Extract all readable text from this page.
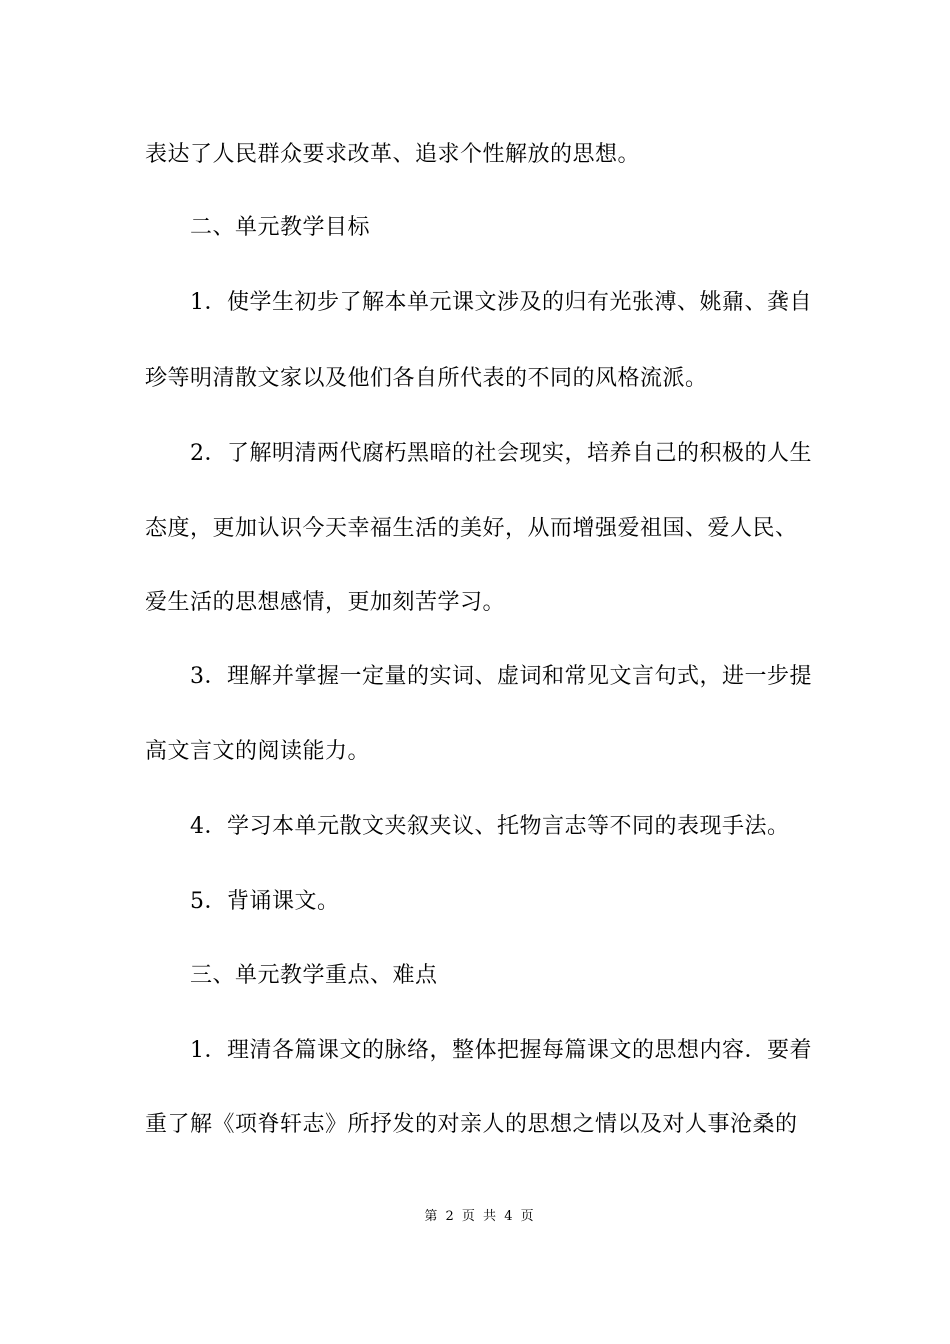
表达了人民群众要求改革、追求个性解放的思想。
二、单元教学目标
1．使学生初步了解本单元课文涉及的归有光张溥、姚鼐、龚自
珍等明清散文家以及他们各自所代表的不同的风格流派。
2．了解明清两代腐朽黑暗的社会现实，培养自己的积极的人生
态度，更加认识今天幸福生活的美好，从而增强爱祖国、爱人民、
爱生活的思想感情，更加刻苦学习。
3．理解并掌握一定量的实词、虚词和常见文言句式，进一步提
高文言文的阅读能力。
4．学习本单元散文夹叙夹议、托物言志等不同的表现手法。
5．背诵课文。
三、单元教学重点、难点
1．理清各篇课文的脉络，整体把握每篇课文的思想内容．要着
重了解《项脊轩志》所抒发的对亲人的思想之情以及对人事沧桑的
第 2 页 共 4 页
